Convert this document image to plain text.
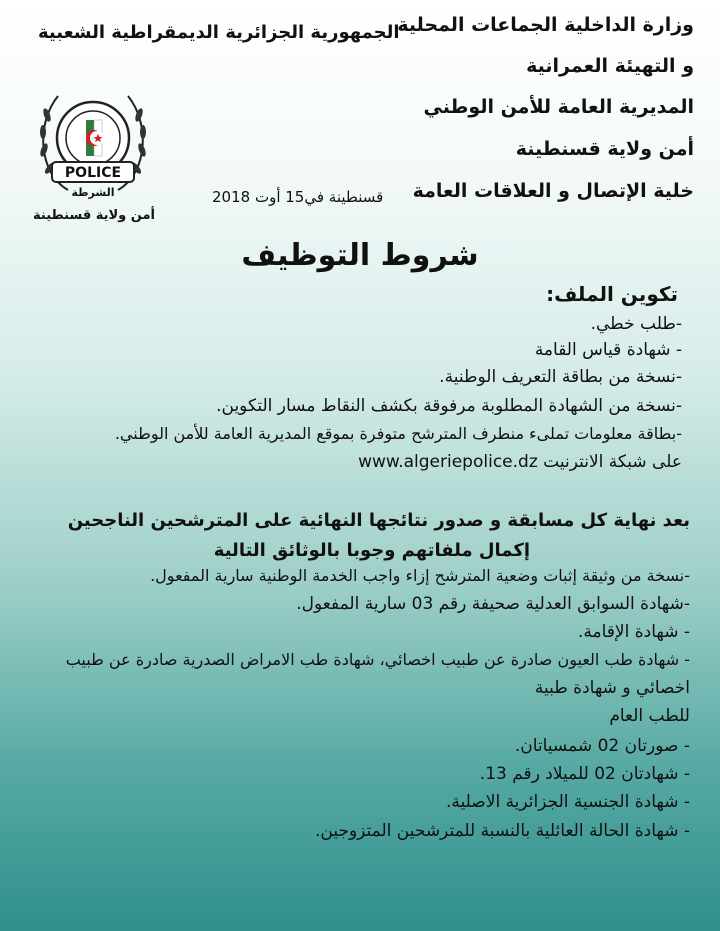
وزارة الداخلية الجماعات المحلية
و التهيئة العمرانية
المديرية العامة للأمن الوطني
أمن ولاية قسنطينة
خلية الإتصال و العلاقات العامة
الجمهورية الجزائرية الديمقراطية الشعبية
POLICE
الشرطة
أمن ولاية قسنطينة
قسنطينة في15 أوت 2018
شروط التوظيف
تكوين الملف:
-طلب خطي.
- شهادة قياس القامة
-نسخة من بطاقة التعريف الوطنية.
-نسخة من الشهادة المطلوبة مرفوقة بكشف النقاط مسار التكوين.
-بطاقة معلومات تملىء منطرف المترشح متوفرة بموقع المديرية العامة للأمن الوطني.
على شبكة الانترنيت www.algeriepolice.dz
بعد نهاية كل مسابقة و صدور نتائجها النهائية على المترشحين الناجحين
إكمال ملفاتهم وجوبا بالوثائق التالية
-نسخة من وثيقة إثبات وضعية المترشح إزاء واجب الخدمة الوطنية سارية المفعول.
-شهادة السوابق العدلية صحيفة رقم 03 سارية المفعول.
- شهادة الإقامة.
- شهادة طب العيون صادرة عن طبيب اخصائي، شهادة طب الامراض الصدرية صادرة عن طبيب
اخصائي و شهادة طبية
للطب العام
- صورتان 02 شمسياتان.
- شهادتان 02 للميلاد رقم 13.
- شهادة الجنسية الجزائرية الاصلية.
- شهادة الحالة العائلية بالنسبة للمترشحين المتزوجين.
